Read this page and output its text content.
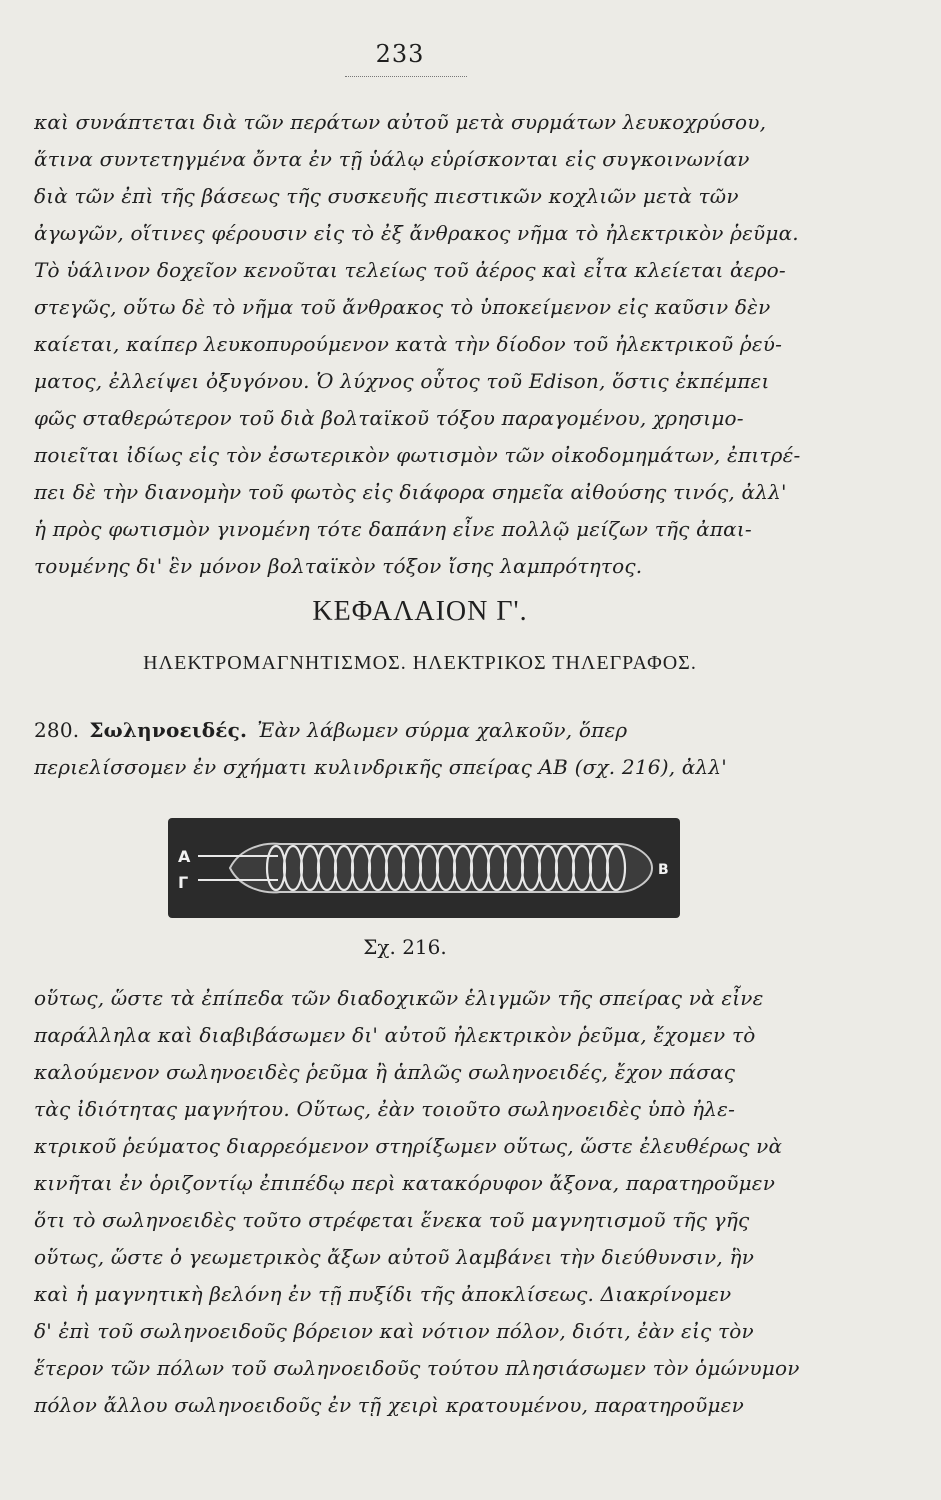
233
καὶ συνάπτεται διὰ τῶν περάτων αὐτοῦ μετὰ συρμάτων λευκοχρύσου,
ἅτινα συντετηγμένα ὄντα ἐν τῇ ὑάλῳ εὑρίσκονται εἰς συγκοινωνίαν
διὰ τῶν ἐπὶ τῆς βάσεως τῆς συσκευῆς πιεστικῶν κοχλιῶν μετὰ τῶν
ἀγωγῶν, οἵτινες φέρουσιν εἰς τὸ ἐξ ἄνθρακος νῆμα τὸ ἠλεκτρικὸν ῥεῦμα.
Τὸ ὑάλινον δοχεῖον κενοῦται τελείως τοῦ ἀέρος καὶ εἶτα κλείεται ἀερο-
στεγῶς, οὕτω δὲ τὸ νῆμα τοῦ ἄνθρακος τὸ ὑποκείμενον εἰς καῦσιν δὲν
καίεται, καίπερ λευκοπυρούμενον κατὰ τὴν δίοδον τοῦ ἠλεκτρικοῦ ῥεύ-
ματος, ἐλλείψει ὀξυγόνου. Ὁ λύχνος οὗτος τοῦ Edison, ὅστις ἐκπέμπει
φῶς σταθερώτερον τοῦ διὰ βολταϊκοῦ τόξου παραγομένου, χρησιμο-
ποιεῖται ἰδίως εἰς τὸν ἐσωτερικὸν φωτισμὸν τῶν οἰκοδομημάτων, ἐπιτρέ-
πει δὲ τὴν διανομὴν τοῦ φωτὸς εἰς διάφορα σημεῖα αἰθούσης τινός, ἀλλ'
ἡ πρὸς φωτισμὸν γινομένη τότε δαπάνη εἶνε πολλῷ μείζων τῆς ἀπαι-
τουμένης δι' ἓν μόνον βολταϊκὸν τόξον ἴσης λαμπρότητος.
ΚΕΦΑΛΑΙΟΝ Γ'.
ΗΛΕΚΤΡΟΜΑΓΝΗΤΙΣΜΟΣ. ΗΛΕΚΤΡΙΚΟΣ ΤΗΛΕΓΡΑΦΟΣ.
280. Σωληνοειδές. Ἐὰν λάβωμεν σύρμα χαλκοῦν, ὅπερ
περιελίσσομεν ἐν σχήματι κυλινδρικῆς σπείρας ΑΒ (σχ. 216), ἀλλ'
Α
Γ
Β
Σχ. 216.
οὕτως, ὥστε τὰ ἐπίπεδα τῶν διαδοχικῶν ἑλιγμῶν τῆς σπείρας νὰ εἶνε
παράλληλα καὶ διαβιβάσωμεν δι' αὐτοῦ ἠλεκτρικὸν ῥεῦμα, ἔχομεν τὸ
καλούμενον σωληνοειδὲς ῥεῦμα ἢ ἁπλῶς σωληνοειδές, ἔχον πάσας
τὰς ἰδιότητας μαγνήτου. Οὕτως, ἐὰν τοιοῦτο σωληνοειδὲς ὑπὸ ἠλε-
κτρικοῦ ῥεύματος διαρρεόμενον στηρίξωμεν οὕτως, ὥστε ἐλευθέρως νὰ
κινῆται ἐν ὁριζοντίῳ ἐπιπέδῳ περὶ κατακόρυφον ἄξονα, παρατηροῦμεν
ὅτι τὸ σωληνοειδὲς τοῦτο στρέφεται ἕνεκα τοῦ μαγνητισμοῦ τῆς γῆς
οὕτως, ὥστε ὁ γεωμετρικὸς ἄξων αὐτοῦ λαμβάνει τὴν διεύθυνσιν, ἣν
καὶ ἡ μαγνητικὴ βελόνη ἐν τῇ πυξίδι τῆς ἀποκλίσεως. Διακρίνομεν
δ' ἐπὶ τοῦ σωληνοειδοῦς βόρειον καὶ νότιον πόλον, διότι, ἐὰν εἰς τὸν
ἕτερον τῶν πόλων τοῦ σωληνοειδοῦς τούτου πλησιάσωμεν τὸν ὁμώνυμον
πόλον ἄλλου σωληνοειδοῦς ἐν τῇ χειρὶ κρατουμένου, παρατηροῦμεν
